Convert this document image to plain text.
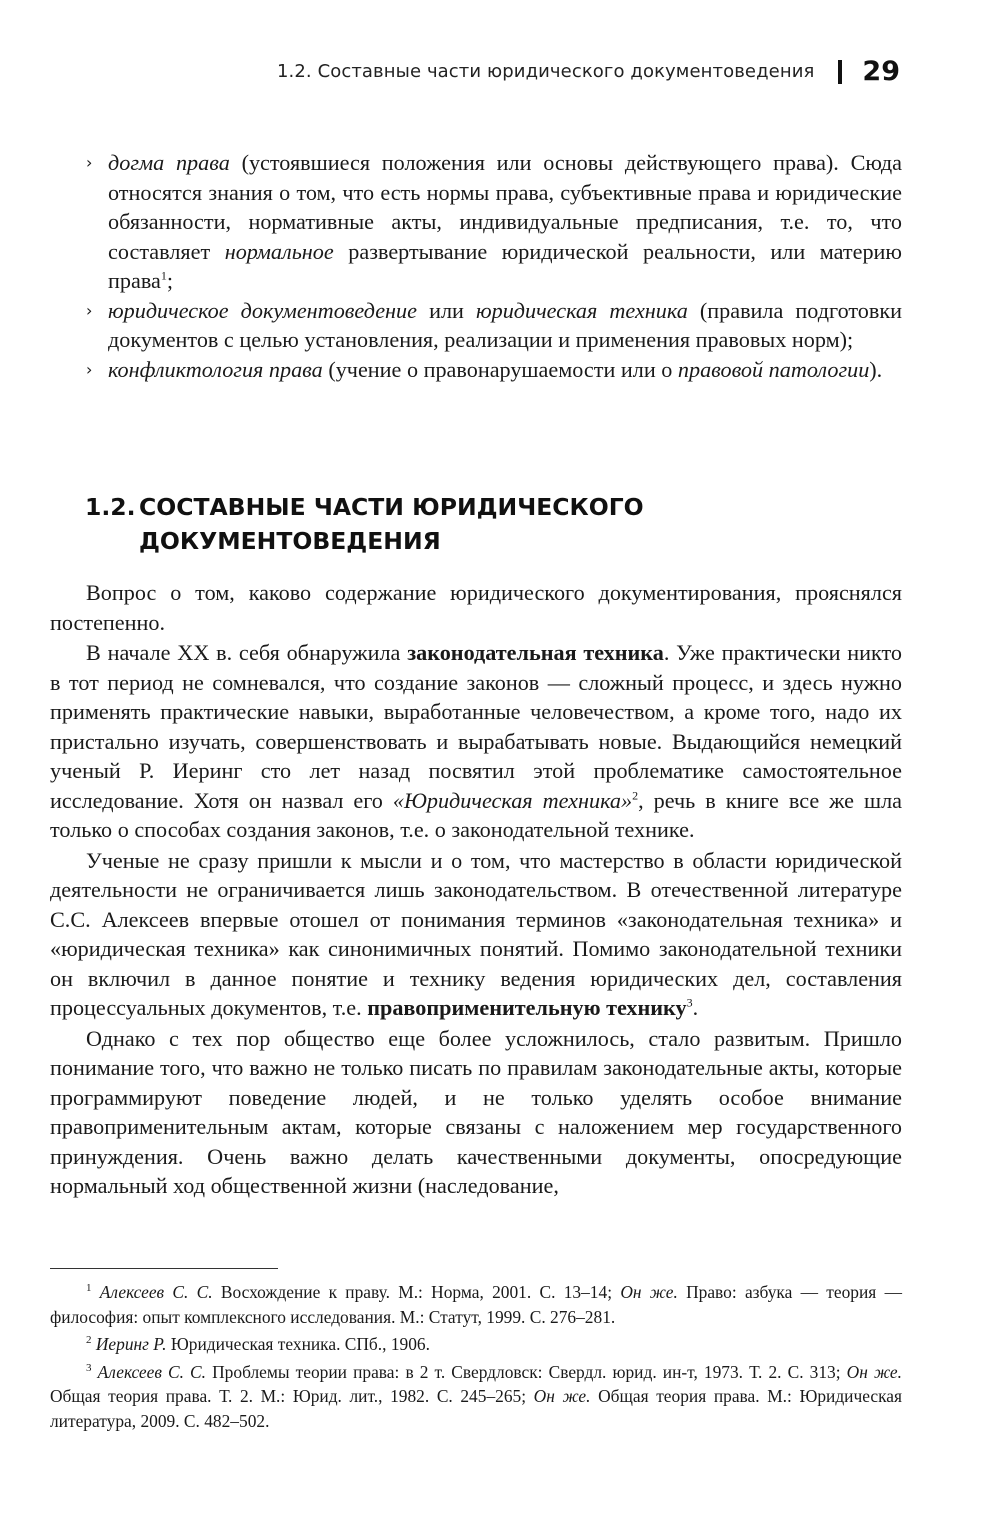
1.2. Составные части юридического документоведения 29
› догма права (устоявшиеся положения или основы действующего права). Сюда относятся знания о том, что есть нормы права, субъективные права и юридические обязанности, нормативные акты, индивидуальные предписания, т.е. то, что составляет нормальное развертывание юридической реальности, или материю права$^1$;
› юридическое документоведение или юридическая техника (правила подготовки документов с целью установления, реализации и применения правовых норм);
› конфликтология права (учение о правонарушаемости или о правовой патологии).
1.2. СОСТАВНЫЕ ЧАСТИ ЮРИДИЧЕСКОГО
ДОКУМЕНТОВЕДЕНИЯ
Вопрос о том, каково содержание юридического документирования, прояснялся постепенно.
В начале XX в. себя обнаружила законодательная техника. Уже практически никто в тот период не сомневался, что создание законов — сложный процесс, и здесь нужно применять практические навыки, выработанные человечеством, а кроме того, надо их пристально изучать, совершенствовать и вырабатывать новые. Выдающийся немецкий ученый Р. Иеринг сто лет назад посвятил этой проблематике самостоятельное исследование. Хотя он назвал его «Юридическая техника»$^2$, речь в книге все же шла только о способах создания законов, т.е. о законодательной технике.
Ученые не сразу пришли к мысли и о том, что мастерство в области юридической деятельности не ограничивается лишь законодательством. В отечественной литературе С.С. Алексеев впервые отошел от понимания терминов «законодательная техника» и «юридическая техника» как синонимичных понятий. Помимо законодательной техники он включил в данное понятие и технику ведения юридических дел, составления процессуальных документов, т.е. правоприменительную технику$^3$.
Однако с тех пор общество еще более усложнилось, стало развитым. Пришло понимание того, что важно не только писать по правилам законодательные акты, которые программируют поведение людей, и не только уделять особое внимание правоприменительным актам, которые связаны с наложением мер государственного принуждения. Очень важно делать качественными документы, опосредующие нормальный ход общественной жизни (наследование,
$^1$ Алексеев С. С. Восхождение к праву. М.: Норма, 2001. С. 13–14; Он же. Право: азбука — теория — философия: опыт комплексного исследования. М.: Статут, 1999. С. 276–281.
$^2$ Иеринг Р. Юридическая техника. СПб., 1906.
$^3$ Алексеев С. С. Проблемы теории права: в 2 т. Свердловск: Свердл. юрид. ин-т, 1973. Т. 2. С. 313; Он же. Общая теория права. Т. 2. М.: Юрид. лит., 1982. С. 245–265; Он же. Общая теория права. М.: Юридическая литература, 2009. С. 482–502.
